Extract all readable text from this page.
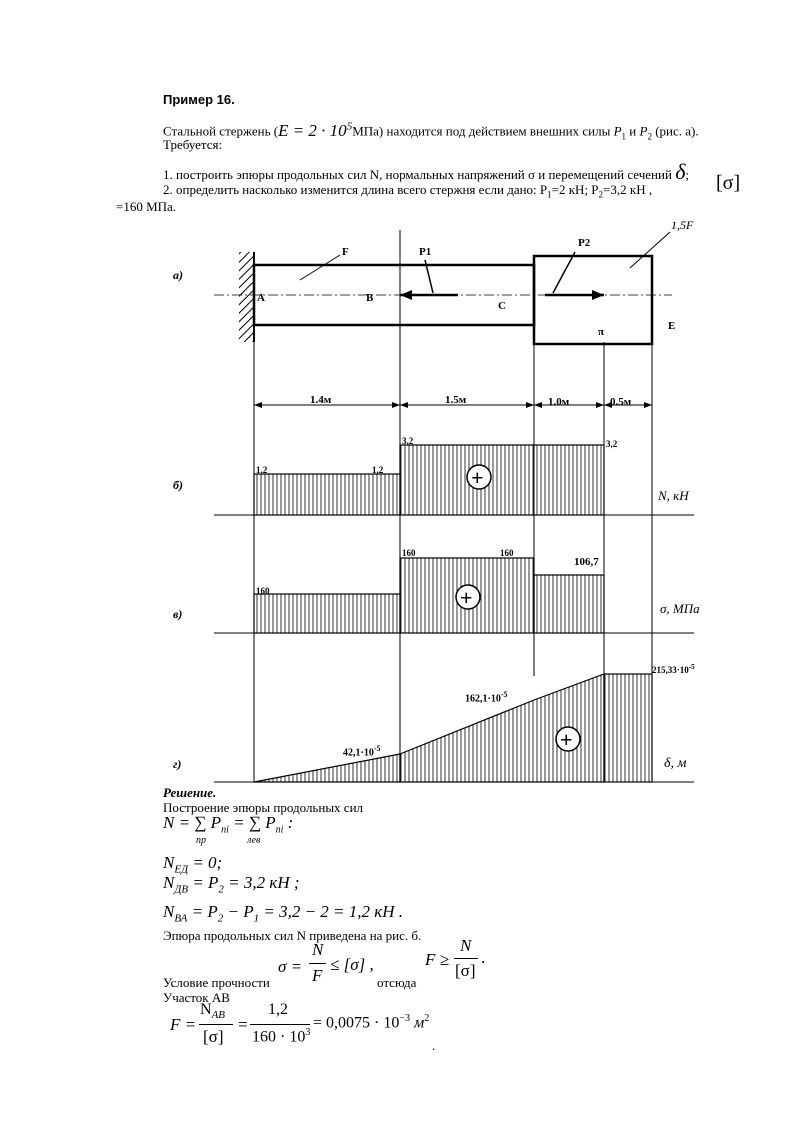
Пример 16.
Стальной стержень $(E = 2 \cdot 10^5МПа)$ находится под действием внешних силы $P_1$ и $P_2$ (рис. а).
Требуется:
1. построить эпюры продольных сил N, нормальных напряжений σ и перемещений сечений δ;
2. определить насколько изменится длина всего стержня если дано: $P_1=2$ кН; $P_2=3,2$ кН ,	[σ]
=160 МПа.
а)
б)
в)
г)
A	B
C
E
π
F
1,5F
P1
P2
1.4м	1.5м	1.0м	0.5м
1,2	1,2
3,2	3,2
+
N, кН
160
160	160
106,7
+	σ, МПа
$42,1\cdot 10^{-5}$
$162,1\cdot 10^{-5}$
$215,33\cdot 10^{-5}$
+
δ, м
Решение.
Построение эпюры продольных сил
N = ∑ $P_{ni}$ = ∑ $P_{ni}$ :
пр	лев
$N_{ЕД} = 0$;
$N_{ДВ} = P_2 = 3,2$ кН ;
$N_{ВА} = P_2 - P_1 = 3,2 - 2 = 1,2$ кН .
Эпюра продольных сил N приведена на рис. б.
Условие прочности
σ =
N
F
≤ [σ] ,
отсюда
F ≥
N
[σ]
.
Участок АВ
F =
$N_{АВ}$
[σ]
=
1,2
$160 \cdot 10^3$
= $0,0075 \cdot 10^{-3}$ $м^2$
.
